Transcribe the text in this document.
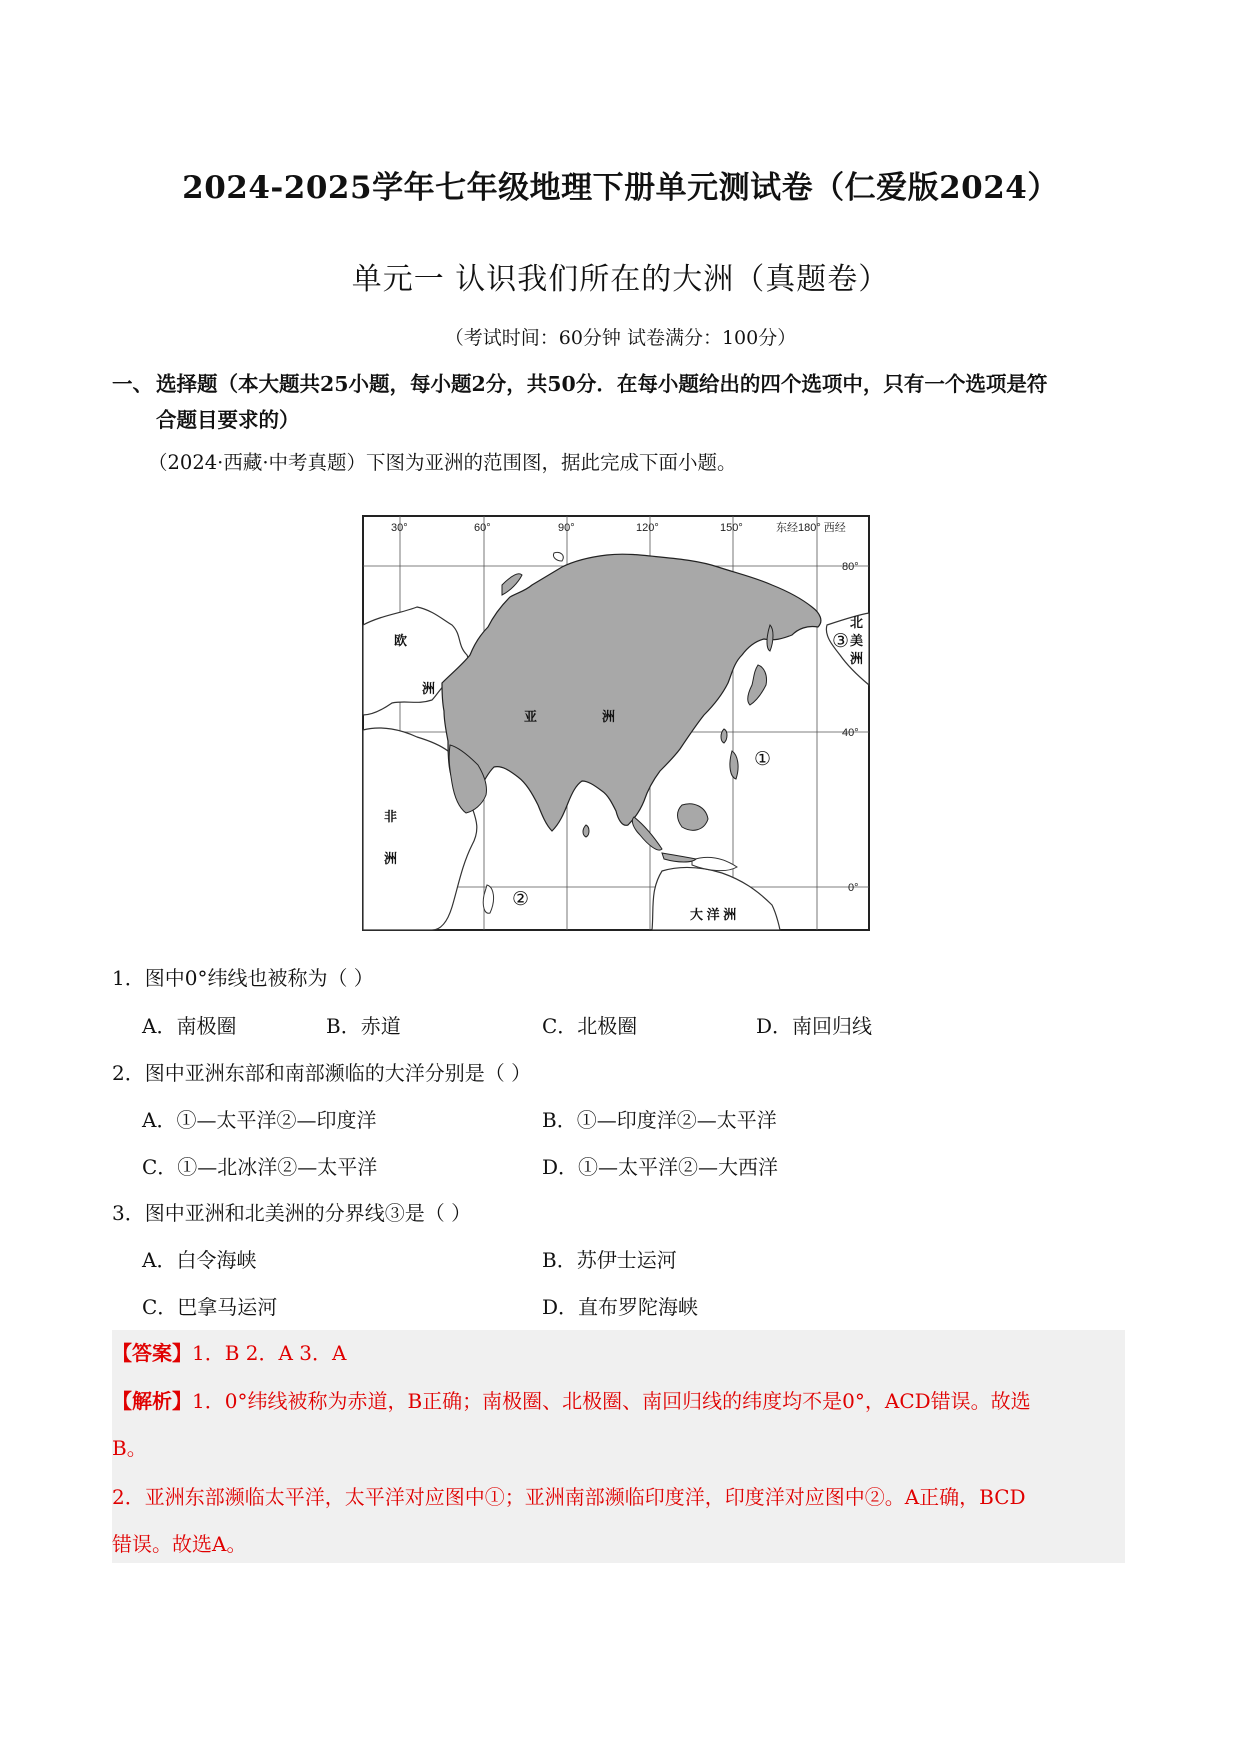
2024-2025学年七年级地理下册单元测试卷（仁爱版2024）
单元一 认识我们所在的大洲（真题卷）
（考试时间：60分钟 试卷满分：100分）
一、 选择题（本大题共25小题，每小题2分，共50分．在每小题给出的四个选项中，只有一个选项是符
合题目要求的）
（2024·西藏·中考真题）下图为亚洲的范围图，据此完成下面小题。
30°	60°	90°	120°	150°	东经180° 西经
80°
40°
0°
欧
洲
亚	洲
非
洲
北
美
洲
大 洋 洲
①
②
③
1．图中0°纬线也被称为（ ）
A．南极圈	B．赤道	C．北极圈	D．南回归线
2．图中亚洲东部和南部濒临的大洋分别是（ ）
A．①—太平洋②—印度洋	B．①—印度洋②—太平洋
C．①—北冰洋②—太平洋	D．①—太平洋②—大西洋
3．图中亚洲和北美洲的分界线③是（ ）
A．白令海峡	B．苏伊士运河
C．巴拿马运河	D．直布罗陀海峡
【答案】1．B 2．A 3．A
【解析】1．0°纬线被称为赤道，B正确；南极圈、北极圈、南回归线的纬度均不是0°，ACD错误。故选
B。
2．亚洲东部濒临太平洋，太平洋对应图中①；亚洲南部濒临印度洋，印度洋对应图中②。A正确，BCD
错误。故选A。
